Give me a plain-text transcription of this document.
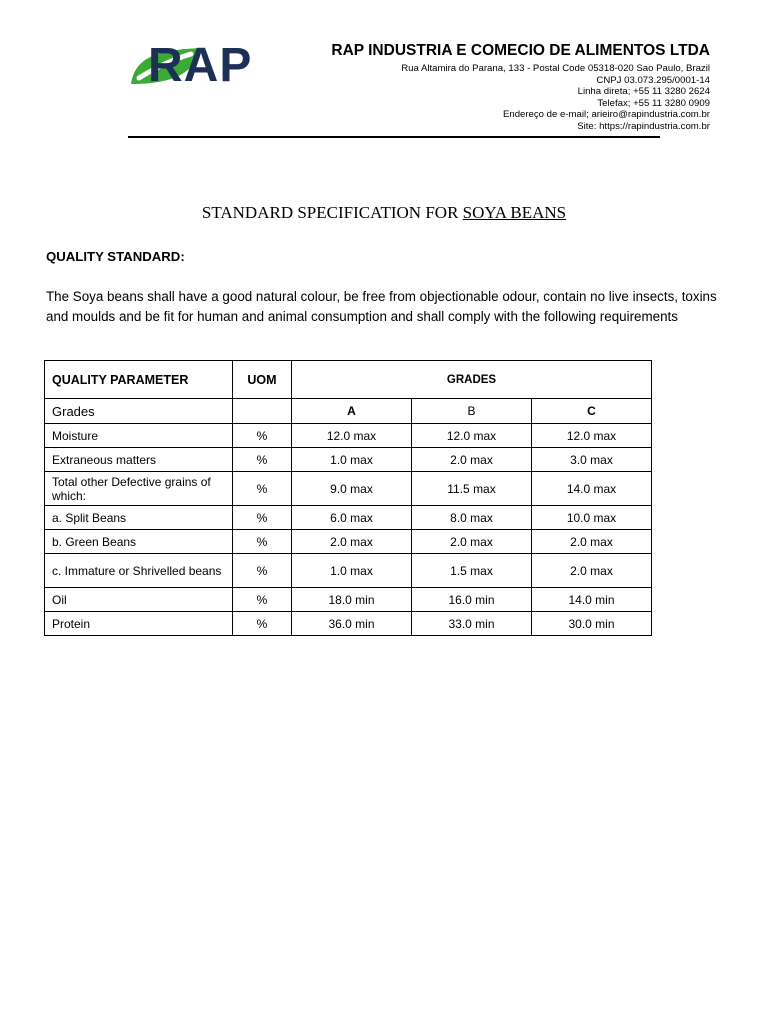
RAP	RAP INDUSTRIA E COMECIO DE ALIMENTOS LTDA
Rua Altamira do Parana, 133 - Postal Code 05318-020 Sao Paulo, Brazil
CNPJ 03.073.295/0001-14
Linha direta; +55 11 3280 2624
Telefax; +55 11 3280 0909
Endereço de e-mail; arieiro@rapindustria.com.br
Site: https://rapindustria.com.br
STANDARD SPECIFICATION FOR SOYA BEANS
QUALITY STANDARD:
The Soya beans shall have a good natural colour, be free from objectionable odour, contain no live insects, toxins and moulds and be fit for human and animal consumption and shall comply with the following requirements
QUALITY PARAMETER	UOM	GRADES		
Grades		A	B	C
Moisture	%	12.0 max	12.0 max	12.0 max
Extraneous matters	%	1.0 max	2.0 max	3.0 max
Total other Defective grains of which:	%	9.0 max	11.5 max	14.0 max
a. Split Beans	%	6.0 max	8.0 max	10.0 max
b. Green Beans	%	2.0 max	2.0 max	2.0 max
c. Immature or Shrivelled beans	%	1.0 max	1.5 max	2.0 max
Oil	%	18.0 min	16.0 min	14.0 min
Protein	%	36.0 min	33.0 min	30.0 min
